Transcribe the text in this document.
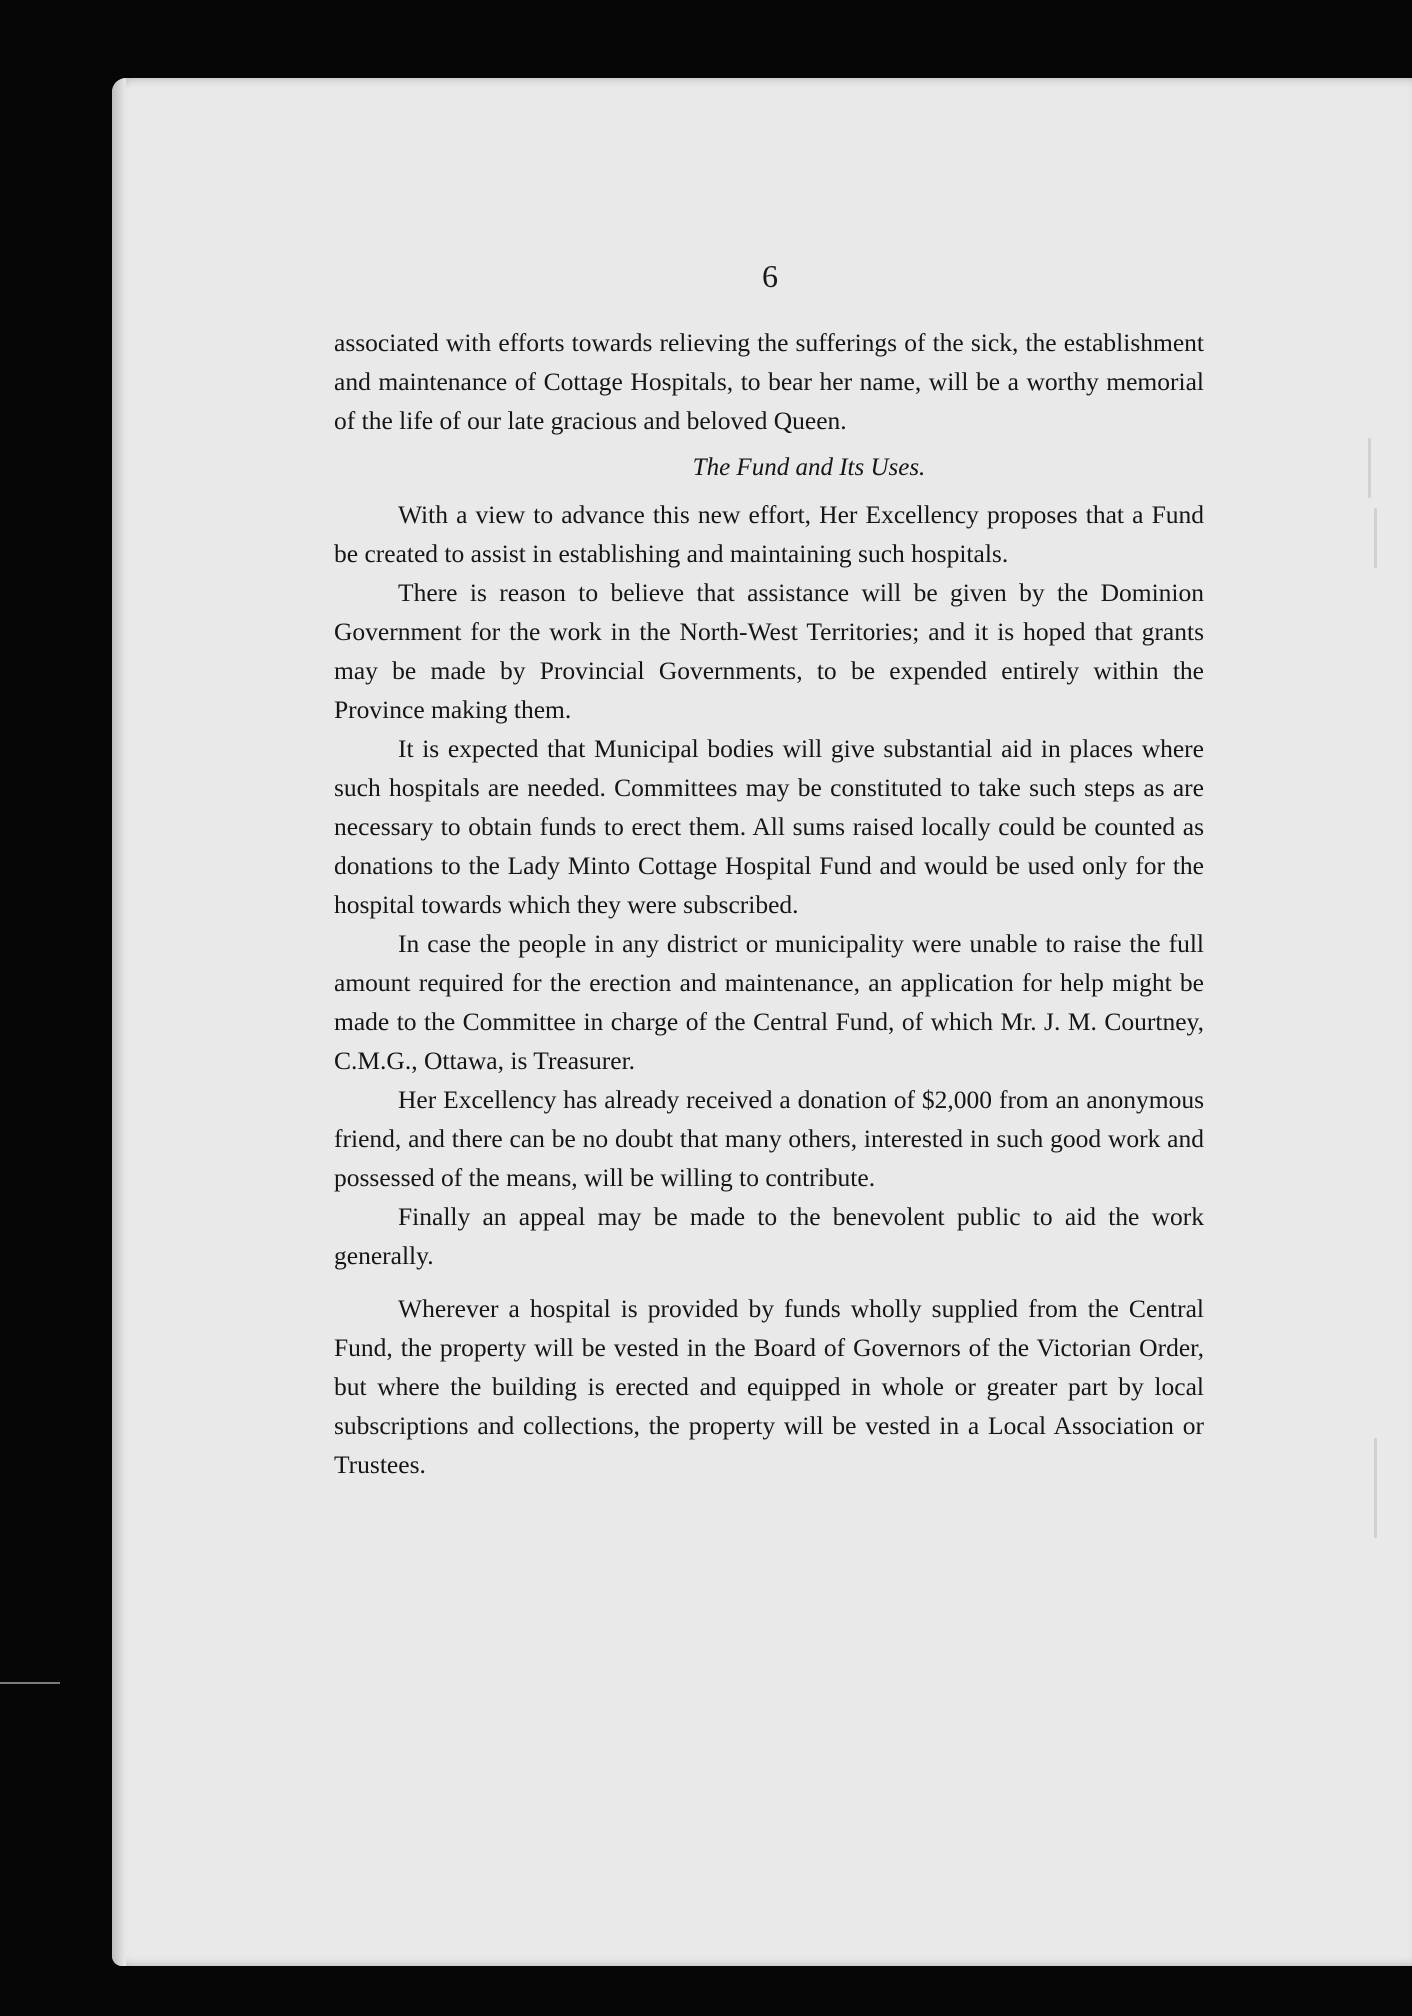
6

associated with efforts towards relieving the sufferings of the sick, the establishment and maintenance of Cottage Hospitals, to bear her name, will be a worthy memorial of the life of our late gracious and beloved Queen.

The Fund and Its Uses.

With a view to advance this new effort, Her Excellency proposes that a Fund be created to assist in establishing and maintaining such hospitals.

There is reason to believe that assistance will be given by the Dominion Government for the work in the North-West Territories; and it is hoped that grants may be made by Provincial Governments, to be expended entirely within the Province making them.

It is expected that Municipal bodies will give substantial aid in places where such hospitals are needed. Committees may be constituted to take such steps as are necessary to obtain funds to erect them. All sums raised locally could be counted as donations to the Lady Minto Cottage Hospital Fund and would be used only for the hospital towards which they were subscribed.

In case the people in any district or municipality were unable to raise the full amount required for the erection and maintenance, an application for help might be made to the Committee in charge of the Central Fund, of which Mr. J. M. Courtney, C.M.G., Ottawa, is Treasurer.

Her Excellency has already received a donation of $2,000 from an anonymous friend, and there can be no doubt that many others, interested in such good work and possessed of the means, will be willing to contribute.

Finally an appeal may be made to the benevolent public to aid the work generally.

Wherever a hospital is provided by funds wholly supplied from the Central Fund, the property will be vested in the Board of Governors of the Victorian Order, but where the building is erected and equipped in whole or greater part by local subscriptions and collections, the property will be vested in a Local Association or Trustees.
